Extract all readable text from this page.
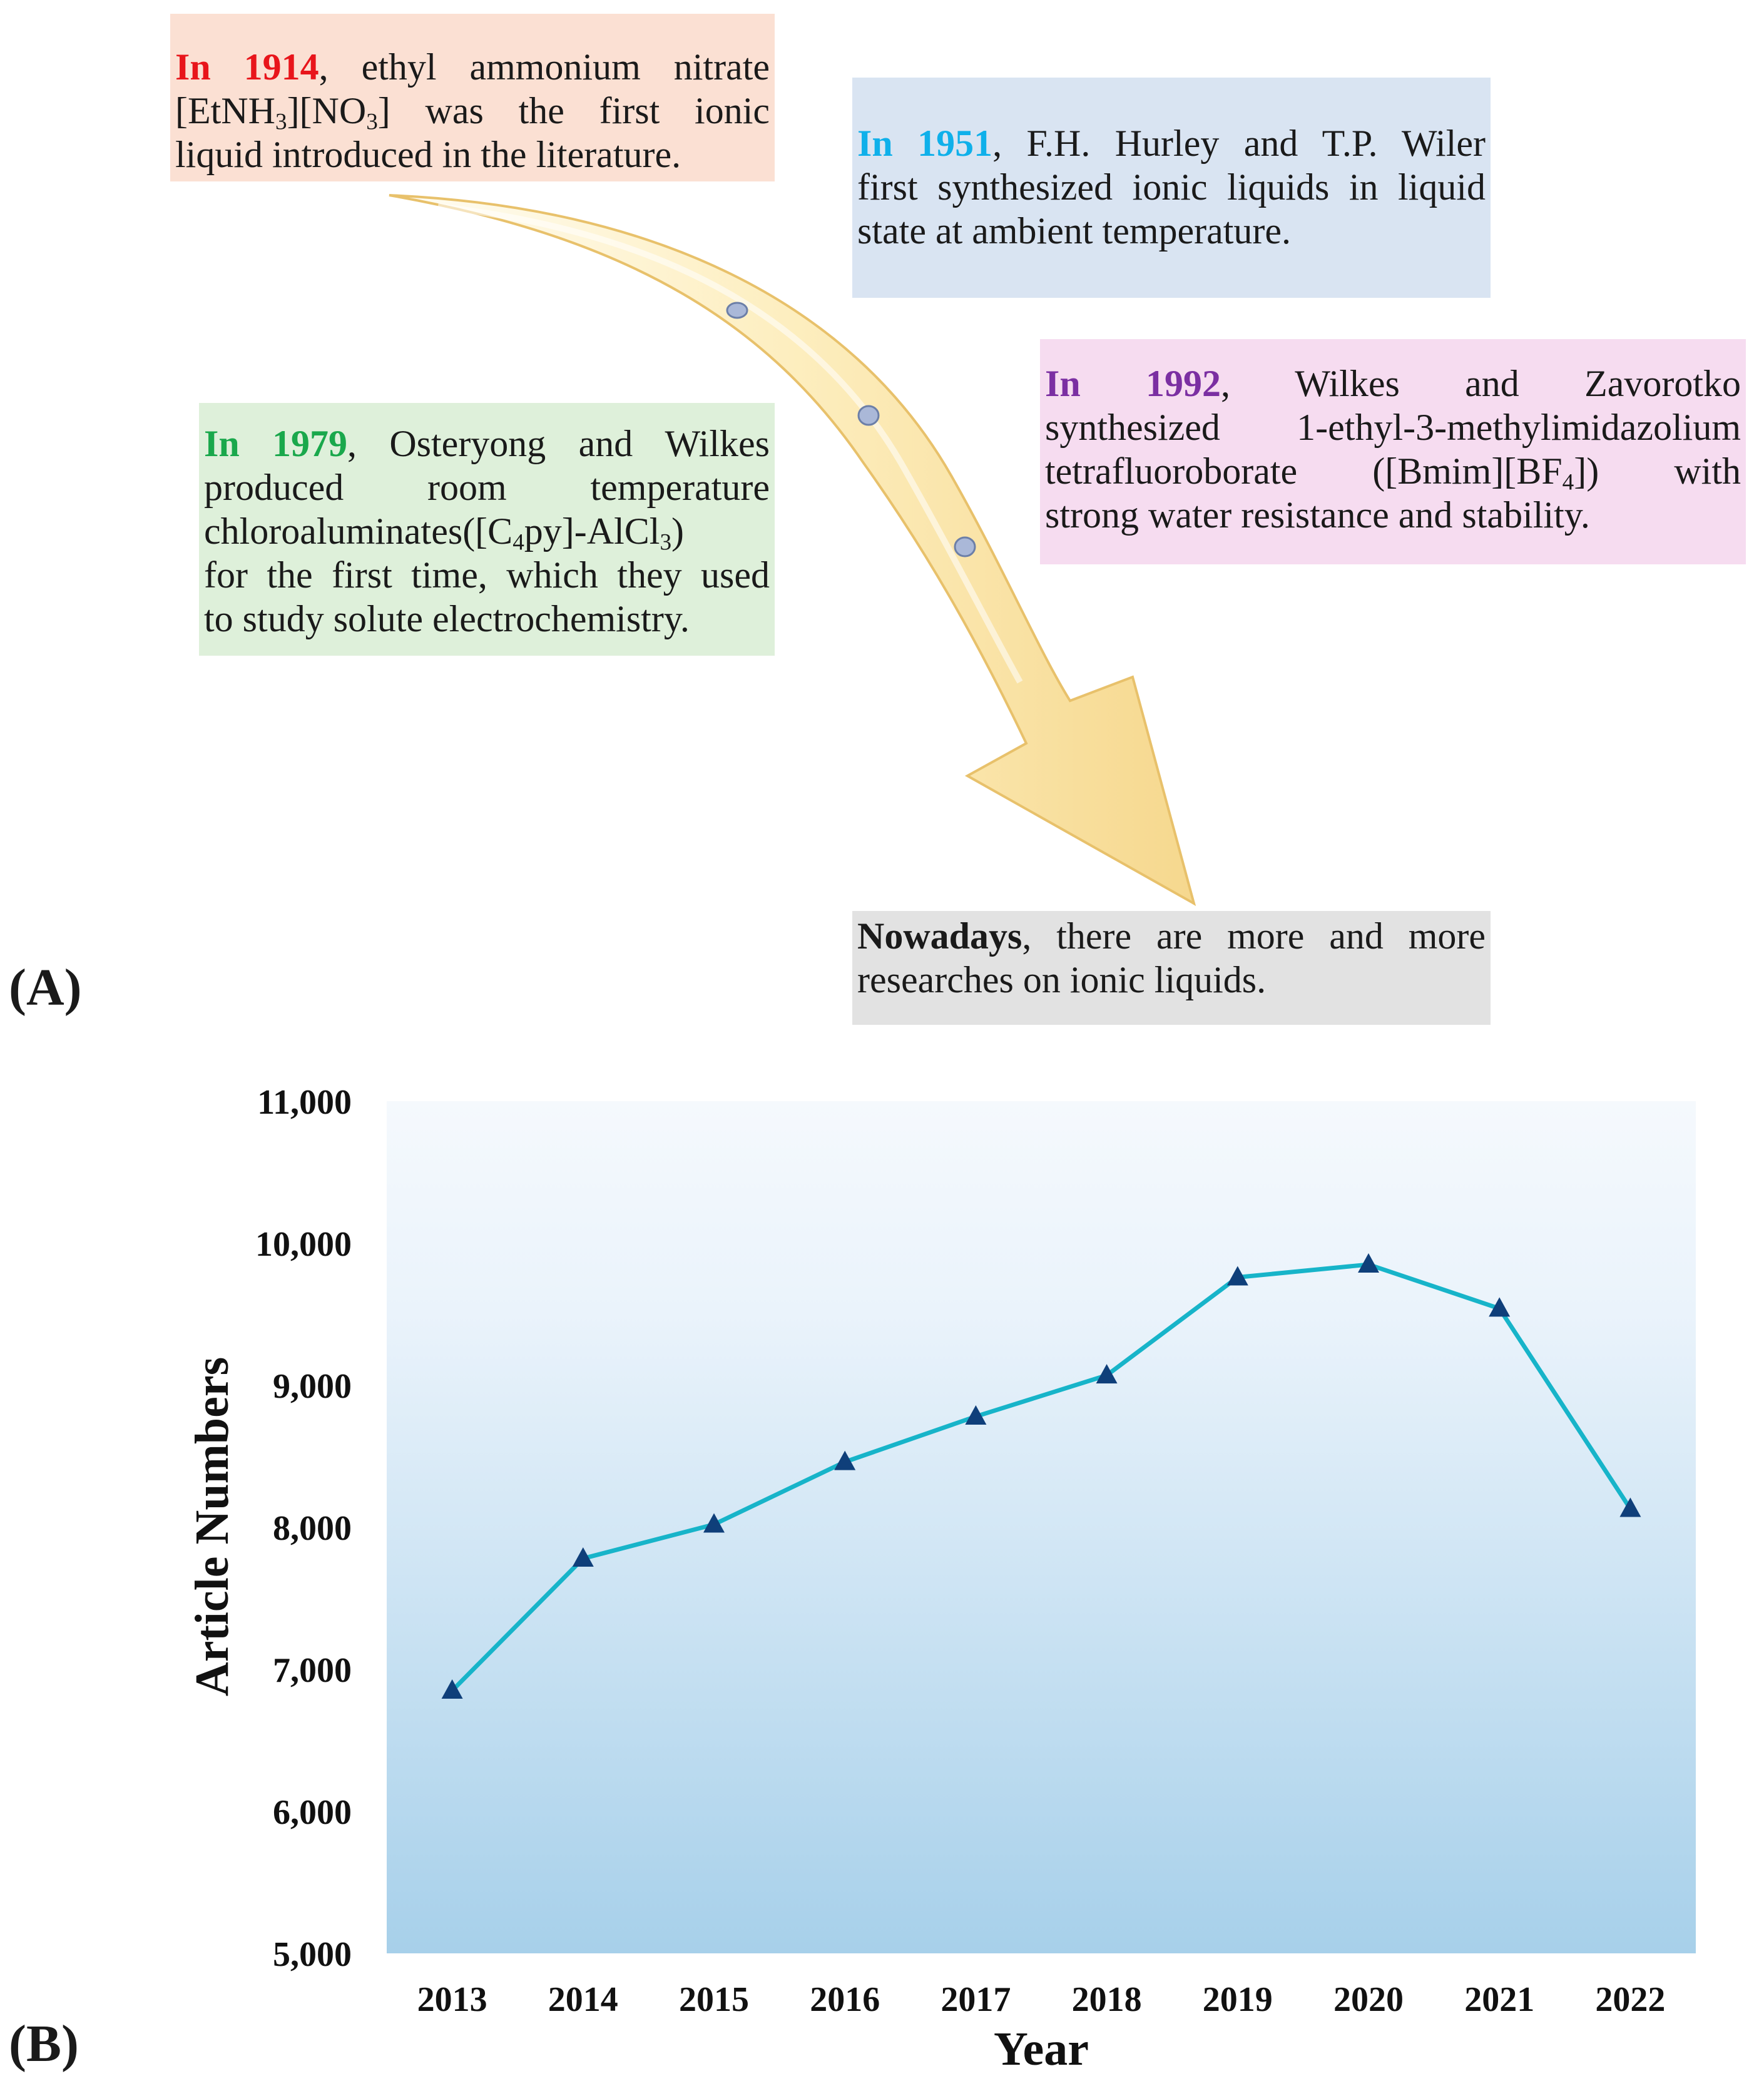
In 1914, ethyl ammonium nitrate
$[EtNH_3][NO_3]$ was the first ionic
liquid introduced in the literature.	In 1951, F.H. Hurley and T.P. Wiler
first synthesized ionic liquids in liquid
state at ambient temperature.
In 1979, Osteryong and Wilkes
produced room temperature
$chloroaluminates([C_4py]-AlCl_3)$
for the first time, which they used
to study solute electrochemistry.
In 1992, Wilkes and Zavorotko
synthesized 1-ethyl-3-methylimidazolium
tetrafluoroborate $([Bmim][BF_4])$ with
strong water resistance and stability.
Nowadays, there are more and more
researches on ionic liquids.
(A)
5,000
6,000
7,000
8,000
9,000
10,000
11,000
2013 2014 2015 2016 2017 2018 2019 2020 2021 2022
Year
Article Numbers
(B)
